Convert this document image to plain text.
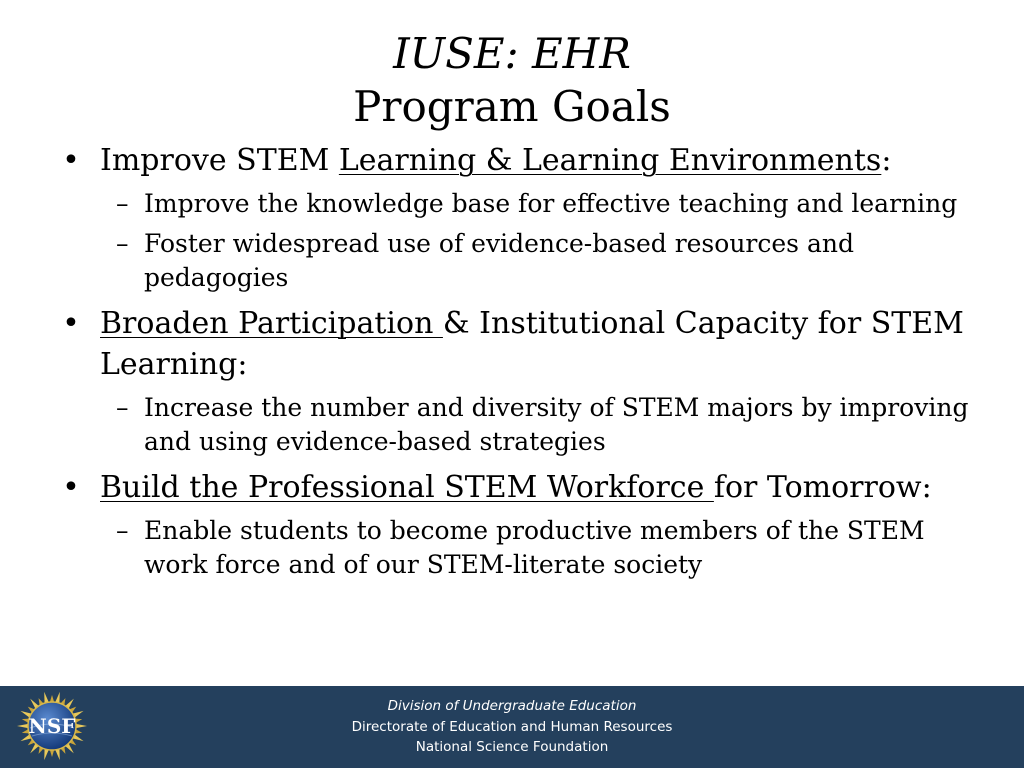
IUSE: EHR
Program Goals
• Improve STEM Learning & Learning Environments:
– Improve the knowledge base for effective teaching and learning
– Foster widespread use of evidence-based resources and pedagogies
• Broaden Participation & Institutional Capacity for STEM Learning:
– Increase the number and diversity of STEM majors by improving and using evidence-based strategies
• Build the Professional STEM Workforce for Tomorrow:
– Enable students to become productive members of the STEM work force and of our STEM-literate society
Division of Undergraduate Education
Directorate of Education and Human Resources
National Science Foundation
NSF
